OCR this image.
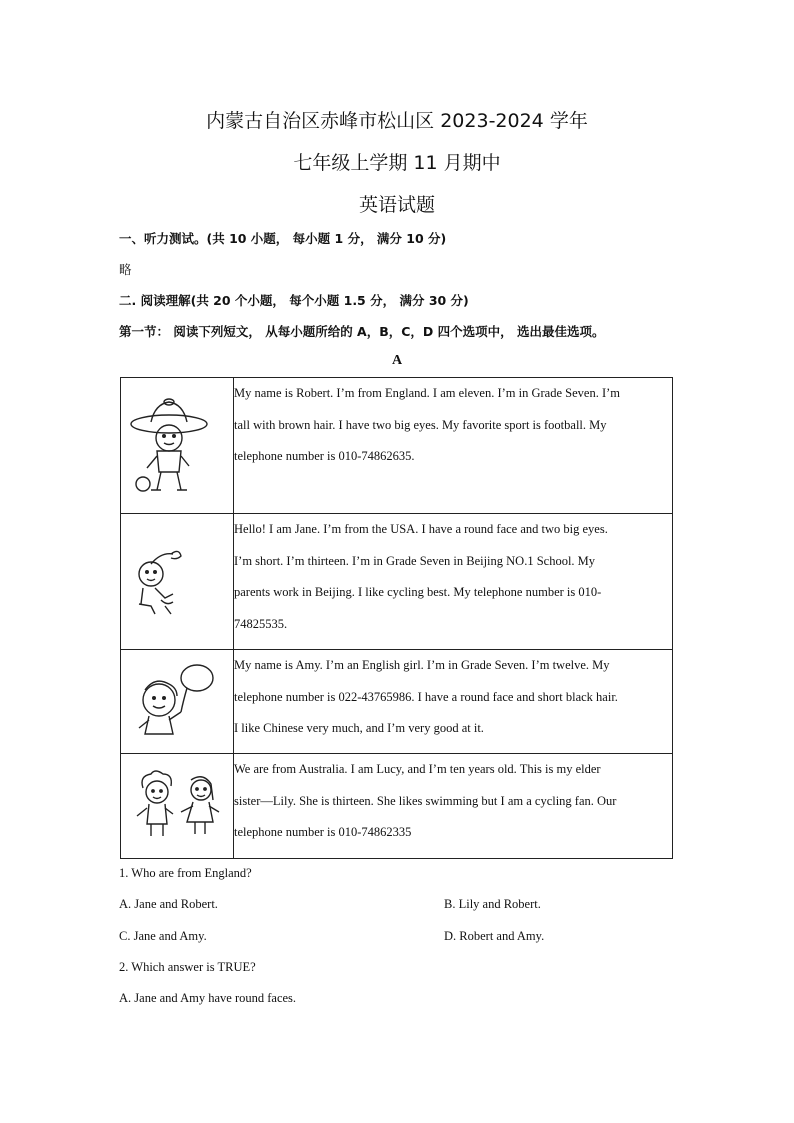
内蒙古自治区赤峰市松山区 2023-2024 学年
七年级上学期 11 月期中
英语试题
一、听力测试。(共 10 小题， 每小题 1 分， 满分 10 分)
略
二. 阅读理解(共 20 个小题， 每个小题 1.5 分， 满分 30 分)
第一节： 阅读下列短文， 从每小题所给的 A，B，C，D 四个选项中， 选出最佳选项。
A

My name is Robert. I’m from England. I am eleven. I’m in Grade Seven. I’m

tall with brown hair. I have two big eyes. My favorite sport is football. My

telephone number is 010-74862635.

Hello! I am Jane. I’m from the USA. I have a round face and two big eyes.

I’m short. I’m thirteen. I’m in Grade Seven in Beijing NO.1 School. My

parents work in Beijing. I like cycling best. My telephone number is 010-

74825535.

My name is Amy. I’m an English girl. I’m in Grade Seven. I’m twelve. My

telephone number is 022-43765986. I have a round face and short black hair.

I like Chinese very much, and I’m very good at it.

We are from Australia. I am Lucy, and I’m ten years old. This is my elder

sister—Lily. She is thirteen. She likes swimming but I am a cycling fan. Our

telephone number is 010-74862335

1. Who are from England?
A. Jane and Robert.	B. Lily and Robert.
C. Jane and Amy.	D. Robert and Amy.
2. Which answer is TRUE?
A. Jane and Amy have round faces.
